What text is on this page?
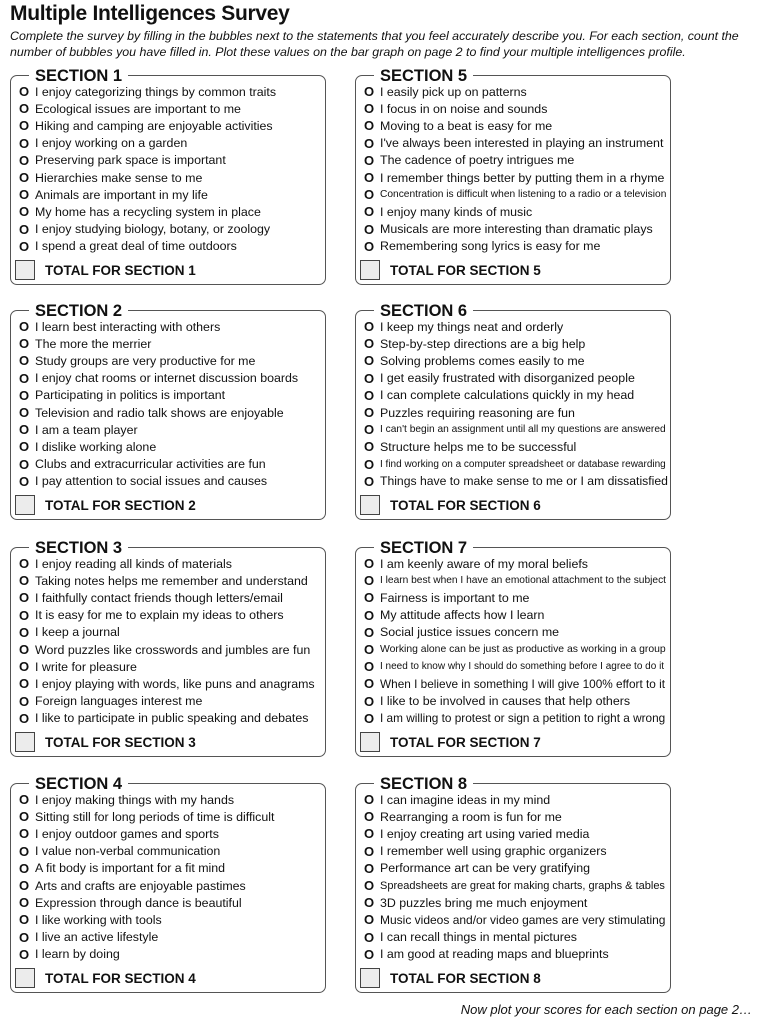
Multiple Intelligences Survey
Complete the survey by filling in the bubbles next to the statements that you feel accurately describe you. For each section, count the number of bubbles you have filled in. Plot these values on the bar graph on page 2 to find your multiple intelligences profile.
SECTION 1
O I enjoy categorizing things by common traits
O Ecological issues are important to me
O Hiking and camping are enjoyable activities
O I enjoy working on a garden
O Preserving park space is important
O Hierarchies make sense to me
O Animals are important in my life
O My home has a recycling system in place
O I enjoy studying biology, botany, or zoology
O I spend a great deal of time outdoors
TOTAL FOR SECTION 1
SECTION 2
O I learn best interacting with others
O The more the merrier
O Study groups are very productive for me
O I enjoy chat rooms or internet discussion boards
O Participating in politics is important
O Television and radio talk shows are enjoyable
O I am a team player
O I dislike working alone
O Clubs and extracurricular activities are fun
O I pay attention to social issues and causes
TOTAL FOR SECTION 2
SECTION 3
O I enjoy reading all kinds of materials
O Taking notes helps me remember and understand
O I faithfully contact friends though letters/email
O It is easy for me to explain my ideas to others
O I keep a journal
O Word puzzles like crosswords and jumbles are fun
O I write for pleasure
O I enjoy playing with words, like puns and anagrams
O Foreign languages interest me
O I like to participate in public speaking and debates
TOTAL FOR SECTION 3
SECTION 4
O I enjoy making things with my hands
O Sitting still for long periods of time is difficult
O I enjoy outdoor games and sports
O I value non-verbal communication
O A fit body is important for a fit mind
O Arts and crafts are enjoyable pastimes
O Expression through dance is beautiful
O I like working with tools
O I live an active lifestyle
O I learn by doing
TOTAL FOR SECTION 4
SECTION 5
O I easily pick up on patterns
O I focus in on noise and sounds
O Moving to a beat is easy for me
O I've always been interested in playing an instrument
O The cadence of poetry intrigues me
O I remember things better by putting them in a rhyme
O Concentration is difficult when listening to a radio or a television
O I enjoy many kinds of music
O Musicals are more interesting than dramatic plays
O Remembering song lyrics is easy for me
TOTAL FOR SECTION 5
SECTION 6
O I keep my things neat and orderly
O Step-by-step directions are a big help
O Solving problems comes easily to me
O I get easily frustrated with disorganized people
O I can complete calculations quickly in my head
O Puzzles requiring reasoning are fun
O I can't begin an assignment until all my questions are answered
O Structure helps me to be successful
O I find working on a computer spreadsheet or database rewarding
O Things have to make sense to me or I am dissatisfied
TOTAL FOR SECTION 6
SECTION 7
O I am keenly aware of my moral beliefs
O I learn best when I have an emotional attachment to the subject
O Fairness is important to me
O My attitude affects how I learn
O Social justice issues concern me
O Working alone can be just as productive as working in a group
O I need to know why I should do something before I agree to do it
O When I believe in something I will give 100% effort to it
O I like to be involved in causes that help others
O I am willing to protest or sign a petition to right a wrong
TOTAL FOR SECTION 7
SECTION 8
O I can imagine ideas in my mind
O Rearranging a room is fun for me
O I enjoy creating art using varied media
O I remember well using graphic organizers
O Performance art can be very gratifying
O Spreadsheets are great for making charts, graphs & tables
O 3D puzzles bring me much enjoyment
O Music videos and/or video games are very stimulating
O I can recall things in mental pictures
O I am good at reading maps and blueprints
TOTAL FOR SECTION 8
Now plot your scores for each section on page 2…
